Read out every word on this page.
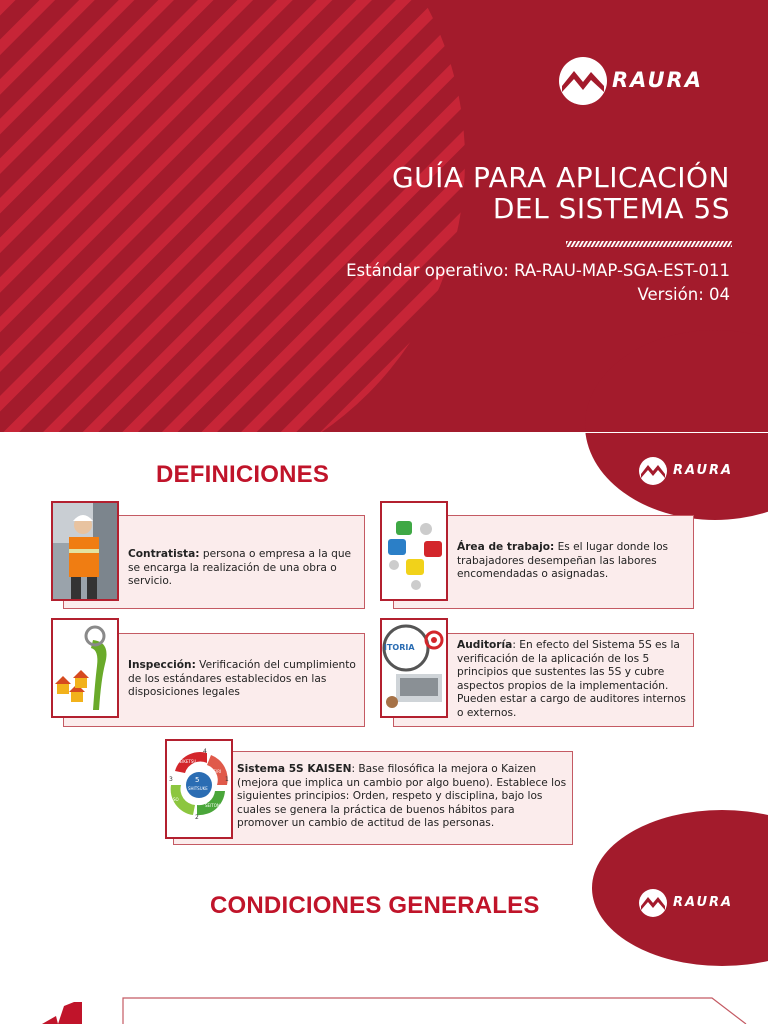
RAURA
GUÍA PARA APLICACIÓN
DEL SISTEMA 5S
Estándar operativo: RA-RAU-MAP-SGA-EST-011
Versión: 04
RAURA
DEFINICIONES
Contratista: persona o empresa a la que se encarga la realización de una obra o servicio.
Área de trabajo: Es el lugar donde los trabajadores desempeñan las labores encomendadas o asignadas.
Inspección: Verificación del cumplimiento de los estándares establecidos en las disposiciones legales
ITORIA	Auditoría: En efecto del Sistema 5S es la verificación de la aplicación de los 5 principios que sustentes las 5S y cubre aspectos propios de la implementación. Pueden estar a cargo de auditores internos o externos.
5
SHITSUKE
SEIKETSU
SEIRI
SEITON
SO
4
1
2
3
Sistema 5S KAISEN: Base filosófica la mejora o Kaizen (mejora que implica un cambio por algo bueno). Establece los siguientes principios: Orden, respeto y disciplina, bajo los cuales se genera la práctica de buenos hábitos para promover un cambio de actitud de las personas.
RAURA
CONDICIONES GENERALES
